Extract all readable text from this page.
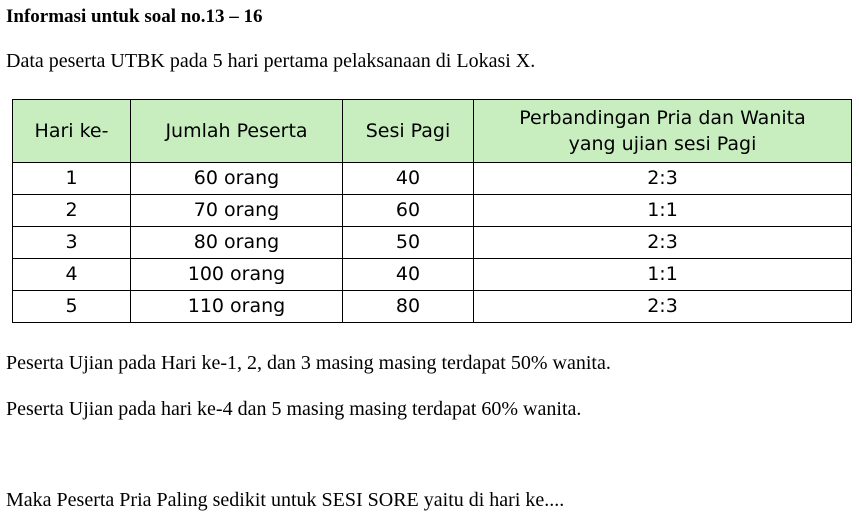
Informasi untuk soal no.13 – 16
Data peserta UTBK pada 5 hari pertama pelaksanaan di Lokasi X.
Hari ke-	Jumlah Peserta	Sesi Pagi	Perbandingan Pria dan Wanita
yang ujian sesi Pagi

1	60 orang	40	2:3
2	70 orang	60	1:1
3	80 orang	50	2:3
4	100 orang	40	1:1
5	110 orang	80	2:3
Peserta Ujian pada Hari ke-1, 2, dan 3 masing masing terdapat 50% wanita.
Peserta Ujian pada hari ke-4 dan 5 masing masing terdapat 60% wanita.
Maka Peserta Pria Paling sedikit untuk SESI SORE yaitu di hari ke....
